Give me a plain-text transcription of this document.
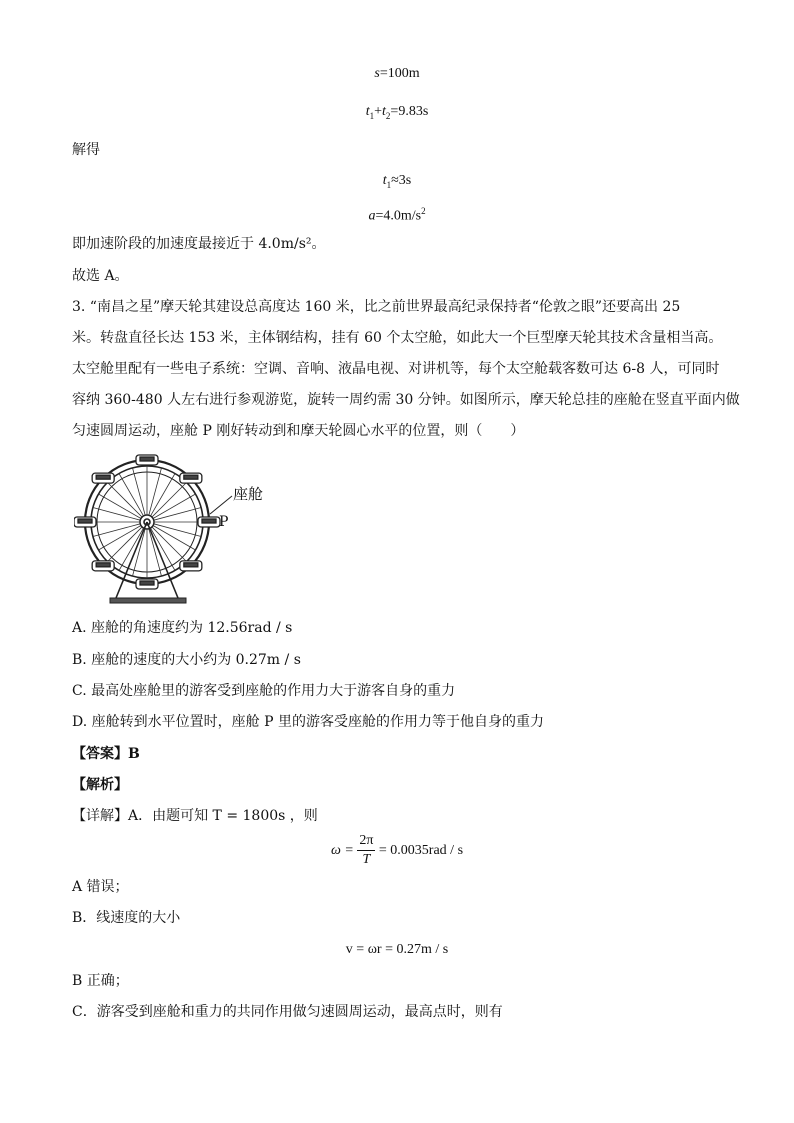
s=100m
$t_1+t_2=9.83s$
解得
$t_1\approx 3s$
$a=4.0m/s^2$
即加速阶段的加速度最接近于 4.0m/s²。
故选 A。
3. “南昌之星”摩天轮其建设总高度达 160 米，比之前世界最高纪录保持者“伦敦之眼”还要高出 25
米。转盘直径长达 153 米，主体钢结构，挂有 60 个太空舱，如此大一个巨型摩天轮其技术含量相当高。
太空舱里配有一些电子系统：空调、音响、液晶电视、对讲机等，每个太空舱载客数可达 6-8 人，可同时
容纳 360-480 人左右进行参观游览，旋转一周约需 30 分钟。如图所示，摩天轮总挂的座舱在竖直平面内做
匀速圆周运动，座舱 P 刚好转动到和摩天轮圆心水平的位置，则（　　）
座舱
P
A. 座舱的角速度约为 12.56rad / s
B. 座舱的速度的大小约为 0.27m / s
C. 最高处座舱里的游客受到座舱的作用力大于游客自身的重力
D. 座舱转到水平位置时，座舱 P 里的游客受座舱的作用力等于他自身的重力
【答案】B
【解析】
【详解】A．由题可知 T = 1800s ，则
$\omega = \frac{2\pi}{T} = 0.0035rad / s$
A 错误；
B．线速度的大小
v = ωr = 0.27m / s
B 正确；
C．游客受到座舱和重力的共同作用做匀速圆周运动，最高点时，则有
